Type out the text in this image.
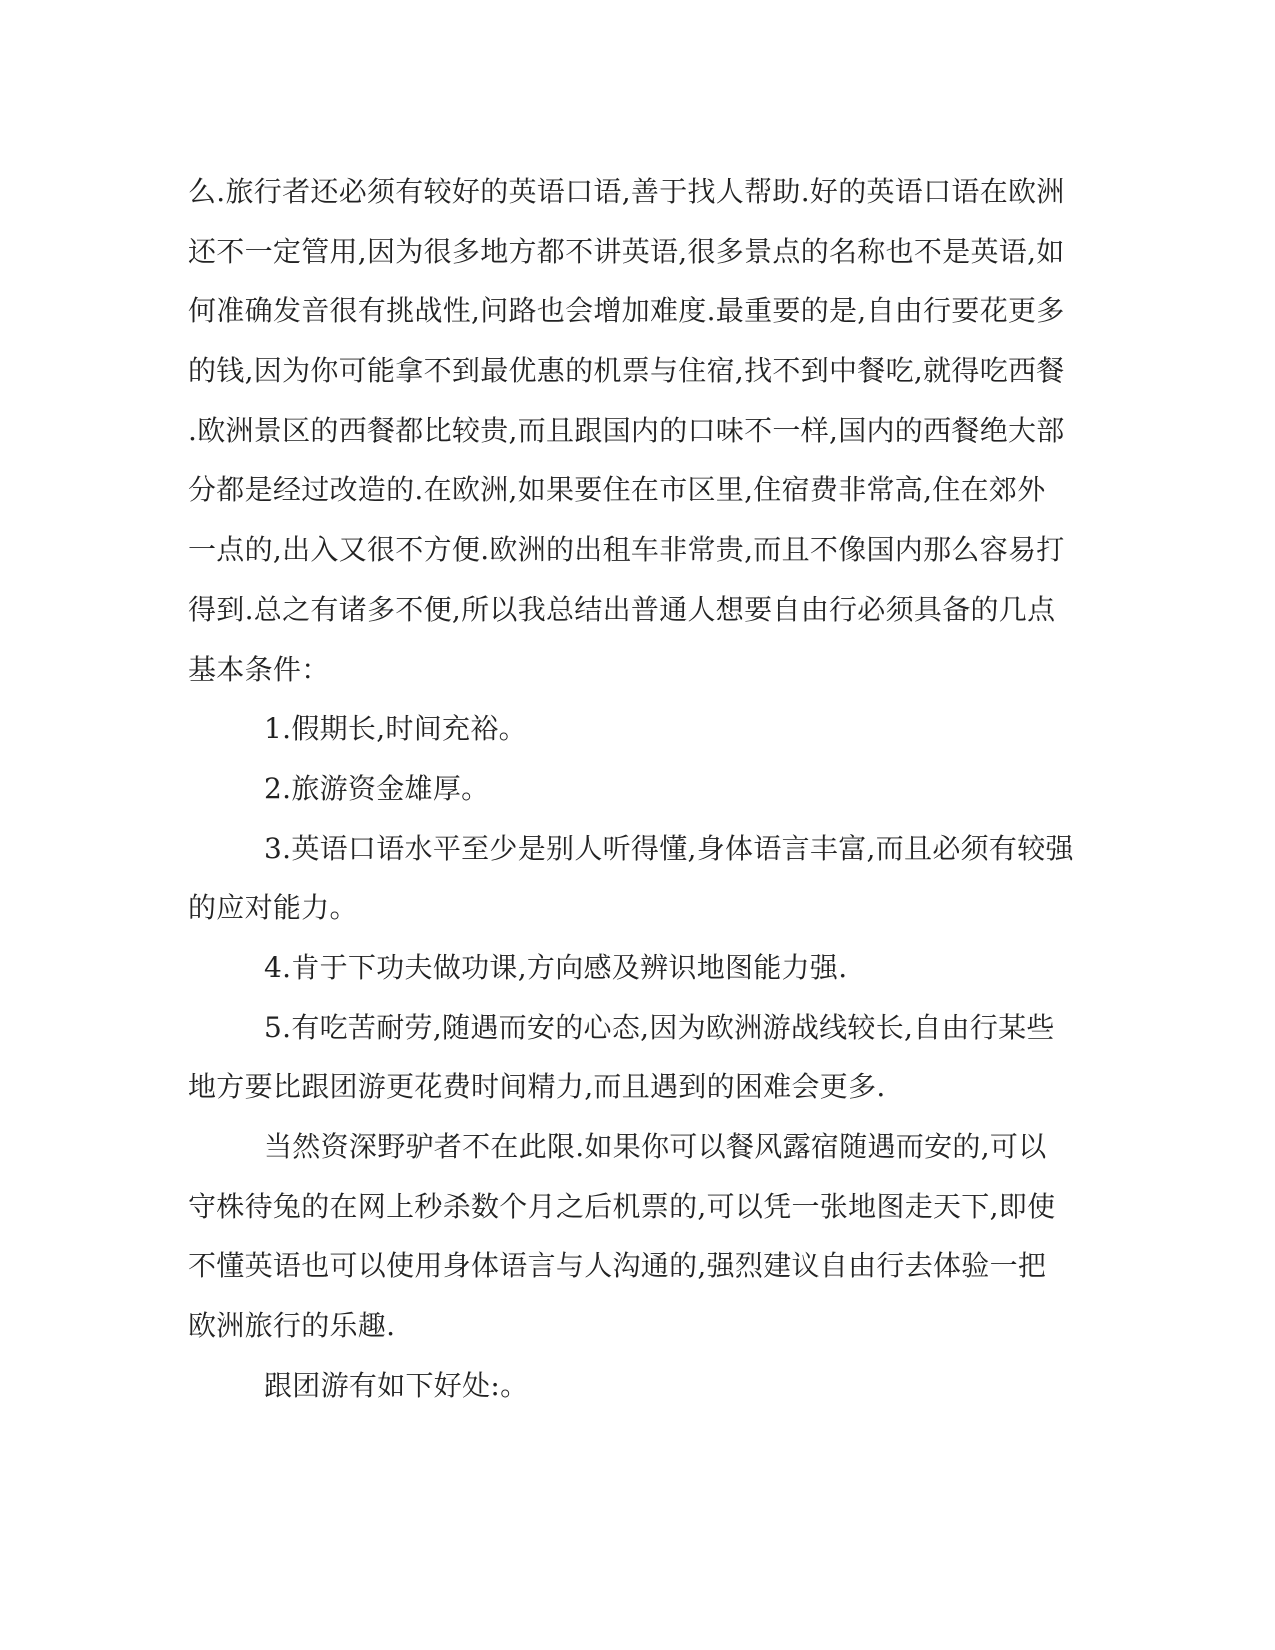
么.旅行者还必须有较好的英语口语,善于找人帮助.好的英语口语在欧洲
还不一定管用,因为很多地方都不讲英语,很多景点的名称也不是英语,如
何准确发音很有挑战性,问路也会增加难度.最重要的是,自由行要花更多
的钱,因为你可能拿不到最优惠的机票与住宿,找不到中餐吃,就得吃西餐
.欧洲景区的西餐都比较贵,而且跟国内的口味不一样,国内的西餐绝大部
分都是经过改造的.在欧洲,如果要住在市区里,住宿费非常高,住在郊外
一点的,出入又很不方便.欧洲的出租车非常贵,而且不像国内那么容易打
得到.总之有诸多不便,所以我总结出普通人想要自由行必须具备的几点
基本条件：
1.假期长,时间充裕。
2.旅游资金雄厚。
3.英语口语水平至少是别人听得懂,身体语言丰富,而且必须有较强
的应对能力。
4.肯于下功夫做功课,方向感及辨识地图能力强.
5.有吃苦耐劳,随遇而安的心态,因为欧洲游战线较长,自由行某些
地方要比跟团游更花费时间精力,而且遇到的困难会更多.
当然资深野驴者不在此限.如果你可以餐风露宿随遇而安的,可以
守株待兔的在网上秒杀数个月之后机票的,可以凭一张地图走天下,即使
不懂英语也可以使用身体语言与人沟通的,强烈建议自由行去体验一把
欧洲旅行的乐趣.
跟团游有如下好处:。
